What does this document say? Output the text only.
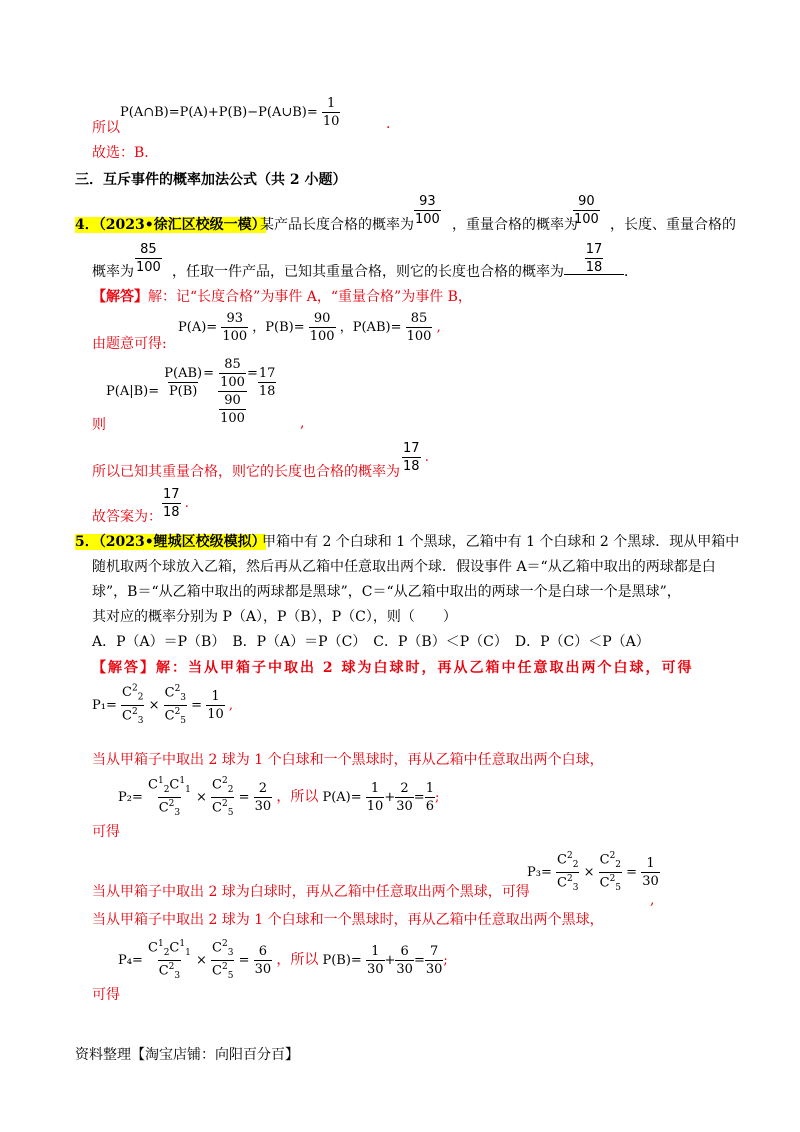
P(A∩B)=P(A)+P(B)−P(A∪B)= $\frac{1}{10}$
所以	.
故选：B.
三．互斥事件的概率加法公式（共 2 小题）
4．（2023•徐汇区校级一模）
某产品长度合格的概率为 $\frac{93}{100}$ ，重量合格的概率为
$\frac{90}{100}$ ，长度、重量合格的
概率为 $\frac{85}{100}$ ，任取一件产品，已知其重量合格，则它的长度也合格的概率为 $\frac{17}{18}$ ．
【解答】解：记“长度合格”为事件 A，“重量合格”为事件 B，
由题意可得:
$P(A)= \frac{93}{100}$ ，$P(B)= \frac{90}{100}$ ，$P(AB)= \frac{85}{100}$ ,
$P(A|B)= \frac{P(AB)}{P(B)} = \frac{\frac{85}{100}}{\frac{90}{100}} = \frac{17}{18}$
则	,
所以已知其重量合格，则它的长度也合格的概率为 $\frac{17}{18}$ .
故答案为： $\frac{17}{18}$ .
5．（2023•鲤城区校级模拟）
甲箱中有 2 个白球和 1 个黑球，乙箱中有 1 个白球和 2 个黑球．现从甲箱中
随机取两个球放入乙箱，然后再从乙箱中任意取出两个球．假设事件 A＝“从乙箱中取出的两球都是白
球”，B＝“从乙箱中取出的两球都是黑球”，C＝“从乙箱中取出的两球一个是白球一个是黑球”，
其对应的概率分别为 P（A），P（B），P（C），则（　　）
A．P（A）＝P（B）　B．P（A）＝P（C）　C．P（B）＜P（C）　D．P（C）＜P（A）
【解答】解：当从甲箱子中取出 2 球为白球时，再从乙箱中任意取出两个白球，可得
$P_1= \frac{C^2_2}{C^2_3} \times \frac{C^2_3}{C^2_5} = \frac{1}{10}$ ,
当从甲箱子中取出 2 球为 1 个白球和一个黑球时，再从乙箱中任意取出两个白球，
$P_2= \frac{C^1_2C^1_1}{C^2_3} \times \frac{C^2_2}{C^2_5} = \frac{2}{30}$ ，所以 $P(A)= \frac{1}{10} + \frac{2}{30} = \frac{1}{6}$ ;
可得
$P_3= \frac{C^2_2}{C^2_3} \times \frac{C^2_2}{C^2_5} = \frac{1}{30}$
,
当从甲箱子中取出 2 球为白球时，再从乙箱中任意取出两个黑球，可得
当从甲箱子中取出 2 球为 1 个白球和一个黑球时，再从乙箱中任意取出两个黑球，
$P_4= \frac{C^1_2C^1_1}{C^2_3} \times \frac{C^2_3}{C^2_5} = \frac{6}{30}$ ，所以 $P(B)= \frac{1}{30} + \frac{6}{30} = \frac{7}{30}$ ;
可得
资料整理【淘宝店铺：向阳百分百】
